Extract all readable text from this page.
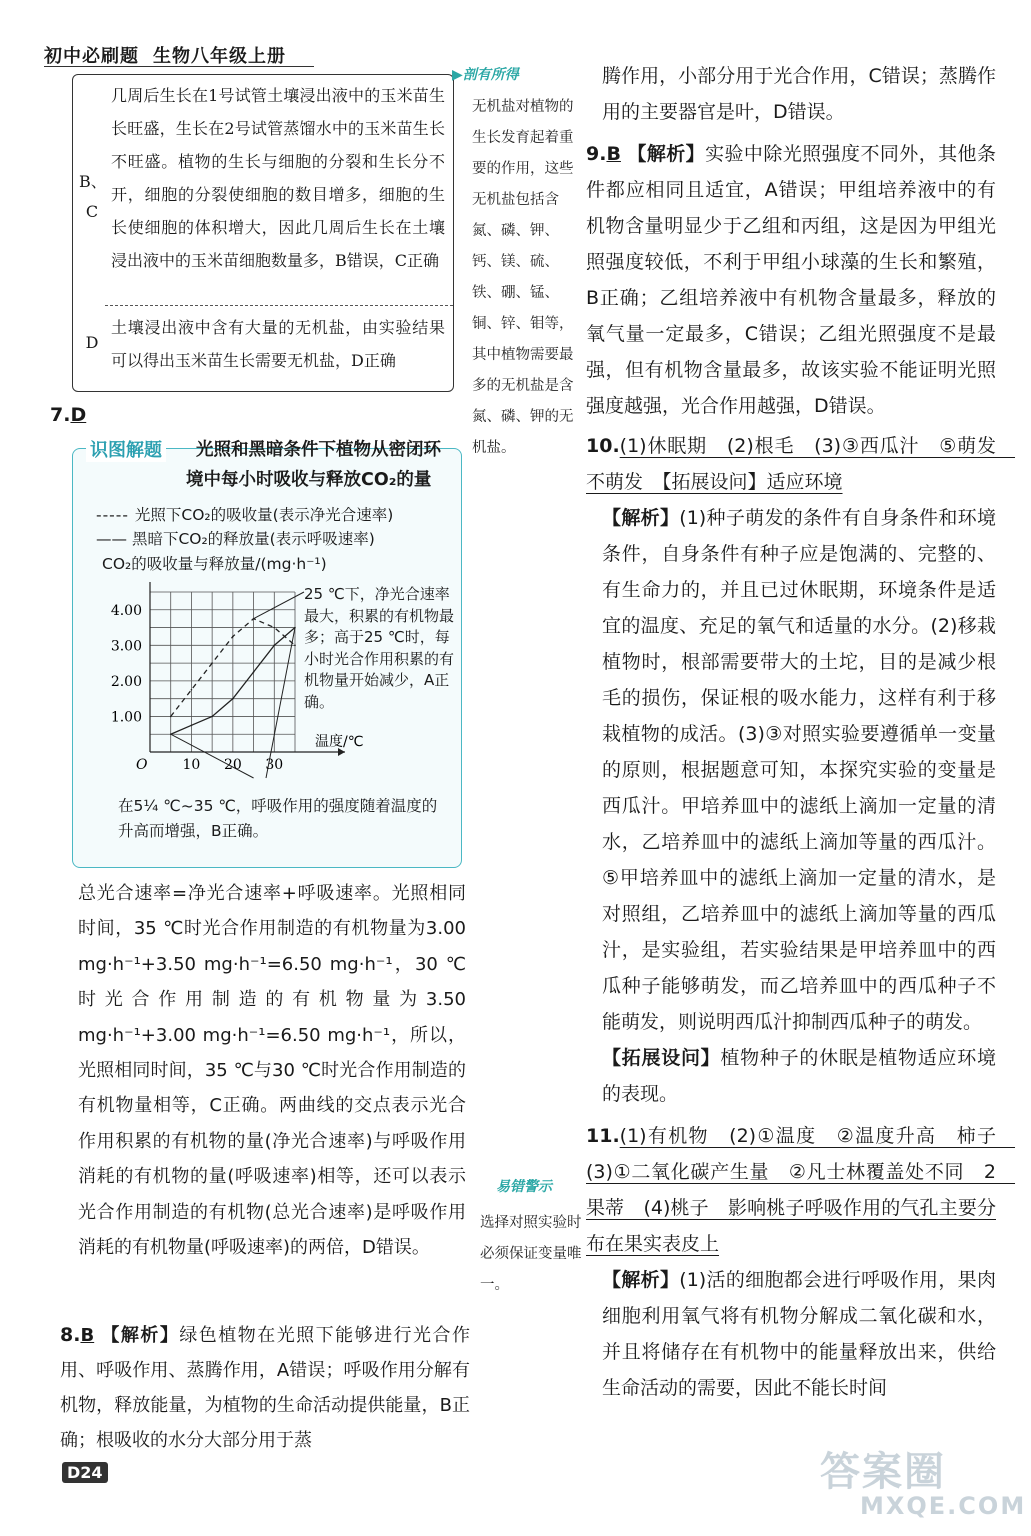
初中必刷题 生物八年级上册
B、C
几周后生长在1号试管土壤浸出液中的玉米苗生长旺盛，生长在2号试管蒸馏水中的玉米苗生长不旺盛。植物的生长与细胞的分裂和生长分不开，细胞的分裂使细胞的数目增多，细胞的生长使细胞的体积增大，因此几周后生长在土壤浸出液中的玉米苗细胞数量多，B错误，C正确
D
土壤浸出液中含有大量的无机盐，由实验结果可以得出玉米苗生长需要无机盐，D正确
▶剖有所得
无机盐对植物的生长发育起着重要的作用，这些无机盐包括含氮、磷、钾、钙、镁、硫、铁、硼、锰、铜、锌、钼等，其中植物需要最多的无机盐是含氮、磷、钾的无机盐。
7.D
识图解题 光照和黑暗条件下植物从密闭环
境中每小时吸收与释放CO₂的量
----- 光照下CO₂的吸收量(表示净光合速率)
—— 黑暗下CO₂的释放量(表示呼吸速率)
CO₂的吸收量与释放量/(mg·h⁻¹)
1.00
2.00
3.00
4.00
10 20 30
O
温度/℃
25 ℃下，净光合速率最大，积累的有机物最多；高于25 ℃时，每小时光合作用积累的有机物量开始减少，A正确。
在5¼ ℃~35 ℃，呼吸作用的强度随着温度的升高而增强，B正确。
总光合速率=净光合速率+呼吸速率。光照相同时间，35 ℃时光合作用制造的有机物量为3.00 mg·h⁻¹+3.50 mg·h⁻¹=6.50 mg·h⁻¹，30 ℃时光合作用制造的有机物量为3.50 mg·h⁻¹+3.00 mg·h⁻¹=6.50 mg·h⁻¹，所以，光照相同时间，35 ℃与30 ℃时光合作用制造的有机物量相等，C正确。两曲线的交点表示光合作用积累的有机物的量(净光合速率)与呼吸作用消耗的有机物的量(呼吸速率)相等，还可以表示光合作用制造的有机物(总光合速率)是呼吸作用消耗的有机物量(呼吸速率)的两倍，D错误。
易错警示
选择对照实验时必须保证变量唯一。
8.B 【解析】绿色植物在光照下能够进行光合作用、呼吸作用、蒸腾作用，A错误；呼吸作用分解有机物，释放能量，为植物的生命活动提供能量，B正确；根吸收的水分大部分用于蒸
腾作用，小部分用于光合作用，C错误；蒸腾作用的主要器官是叶，D错误。
9.B 【解析】实验中除光照强度不同外，其他条件都应相同且适宜，A错误；甲组培养液中的有机物含量明显少于乙组和丙组，这是因为甲组光照强度较低，不利于甲组小球藻的生长和繁殖，B正确；乙组培养液中有机物含量最多，释放的氧气量一定最多，C错误；乙组光照强度不是最强，但有机物含量最多，故该实验不能证明光照强度越强，光合作用越强，D错误。
10.(1)休眠期　(2)根毛　(3)③西瓜汁　⑤萌发　不萌发　【拓展设问】适应环境
【解析】(1)种子萌发的条件有自身条件和环境条件，自身条件有种子应是饱满的、完整的、有生命力的，并且已过休眠期，环境条件是适宜的温度、充足的氧气和适量的水分。(2)移栽植物时，根部需要带大的土坨，目的是减少根毛的损伤，保证根的吸水能力，这样有利于移栽植物的成活。(3)③对照实验要遵循单一变量的原则，根据题意可知，本探究实验的变量是西瓜汁。甲培养皿中的滤纸上滴加一定量的清水，乙培养皿中的滤纸上滴加等量的西瓜汁。⑤甲培养皿中的滤纸上滴加一定量的清水，是对照组，乙培养皿中的滤纸上滴加等量的西瓜汁，是实验组，若实验结果是甲培养皿中的西瓜种子能够萌发，而乙培养皿中的西瓜种子不能萌发，则说明西瓜汁抑制西瓜种子的萌发。
【拓展设问】植物种子的休眠是植物适应环境的表现。
11.(1)有机物　(2)①温度　②温度升高　柿子　(3)①二氧化碳产生量　②凡士林覆盖处不同　2　果蒂　(4)桃子　影响桃子呼吸作用的气孔主要分布在果实表皮上
【解析】(1)活的细胞都会进行呼吸作用，果肉细胞利用氧气将有机物分解成二氧化碳和水，并且将储存在有机物中的能量释放出来，供给生命活动的需要，因此不能长时间
D24	答案圈
MXQE.COM
